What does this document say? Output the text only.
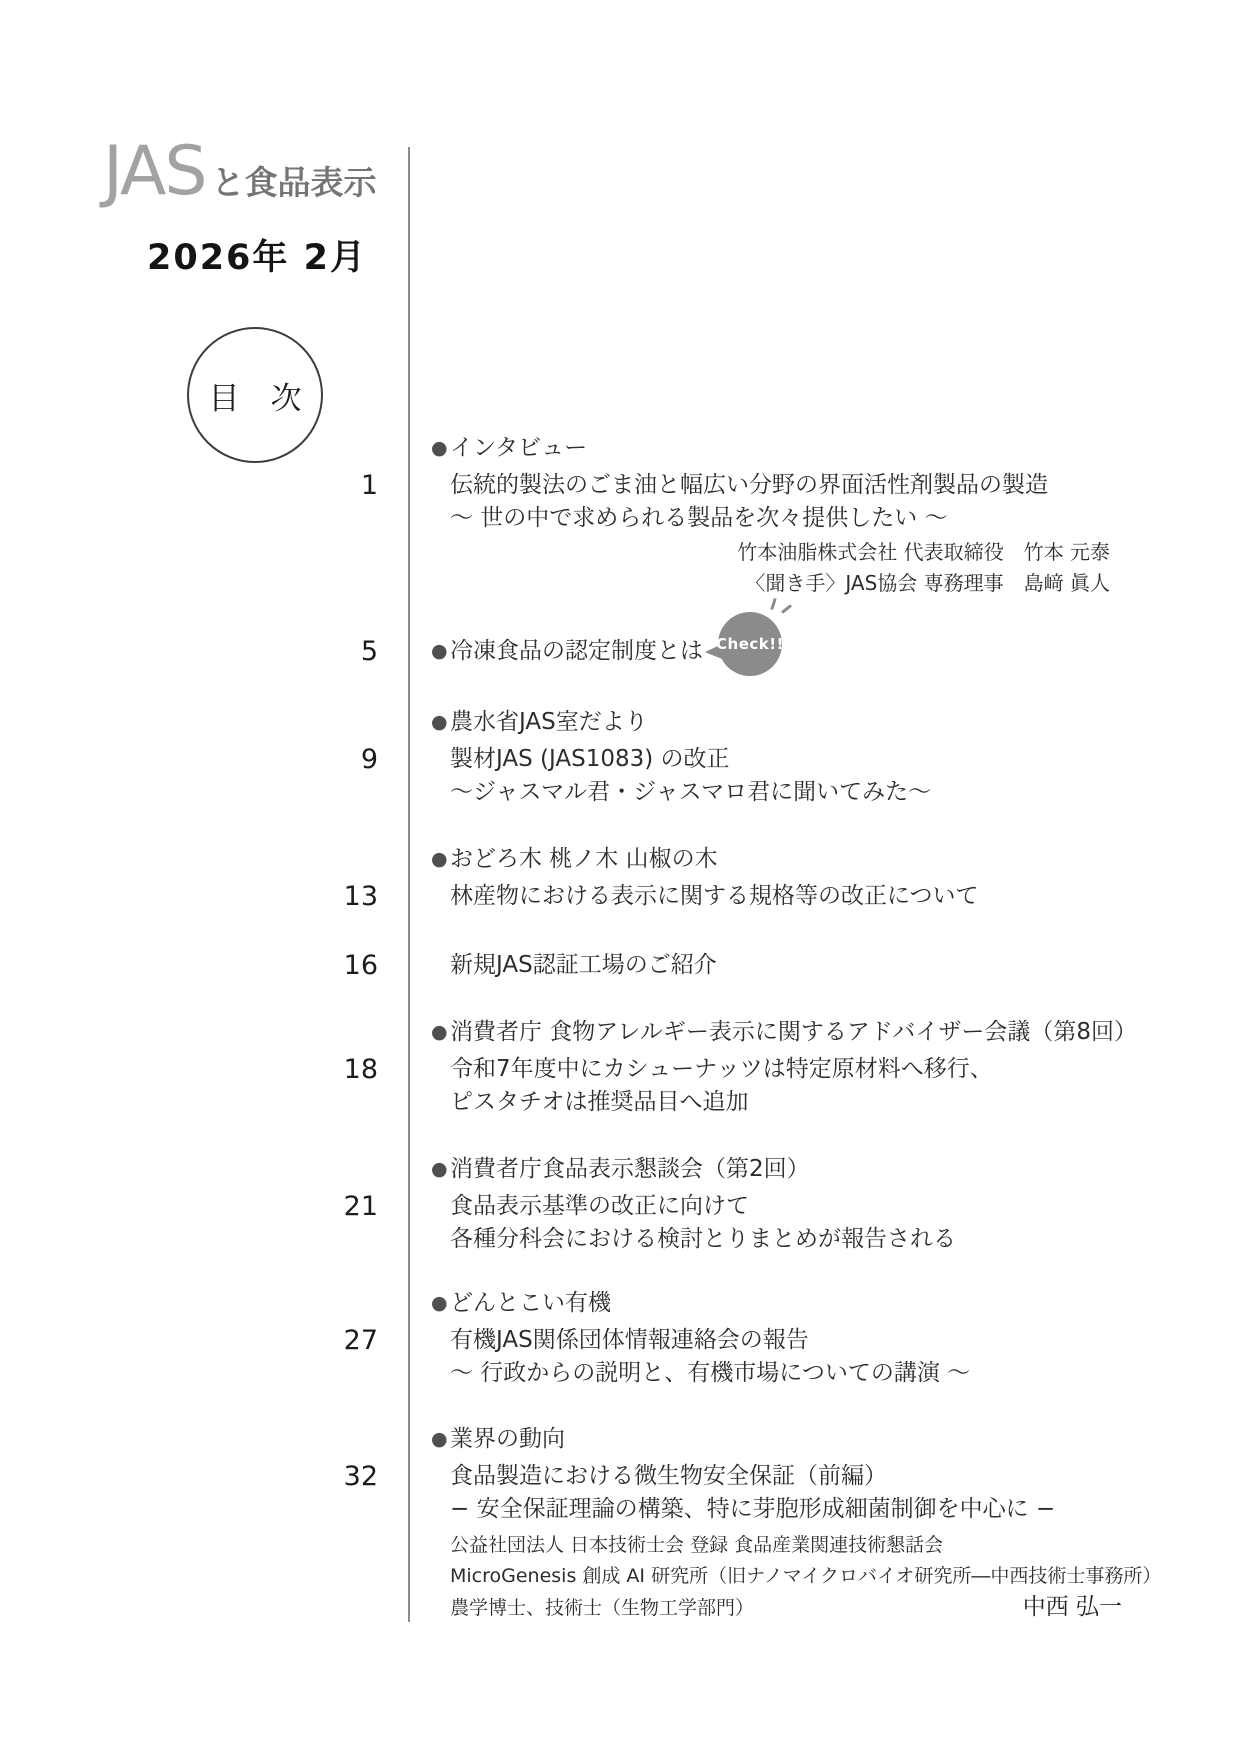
JAS と食品表示
2026年 2月
目　次
●
インタビュー
1	伝統的製法のごま油と幅広い分野の界面活性剤製品の製造
〜 世の中で求められる製品を次々提供したい 〜
竹本油脂株式会社 代表取締役　竹本 元泰
〈聞き手〉JAS協会 専務理事　島﨑 眞人
5 ●	冷凍食品の認定制度とは Check!!
●
農水省JAS室だより
9	製材JAS (JAS1083) の改正
〜ジャスマル君・ジャスマロ君に聞いてみた〜
●
おどろ木 桃ノ木 山椒の木
13	林産物における表示に関する規格等の改正について
16	新規JAS認証工場のご紹介
●
消費者庁 食物アレルギー表示に関するアドバイザー会議（第8回）
18	令和7年度中にカシューナッツは特定原材料へ移行、
ピスタチオは推奨品目へ追加
●
消費者庁食品表示懇談会（第2回）
21	食品表示基準の改正に向けて
各種分科会における検討とりまとめが報告される
●
どんとこい有機
27	有機JAS関係団体情報連絡会の報告
〜 行政からの説明と、有機市場についての講演 〜
●
業界の動向
32	食品製造における微生物安全保証（前編）
− 安全保証理論の構築、特に芽胞形成細菌制御を中心に −
公益社団法人 日本技術士会 登録 食品産業関連技術懇話会
MicroGenesis 創成 AI 研究所（旧ナノマイクロバイオ研究所―中西技術士事務所）
農学博士、技術士（生物工学部門）	中西 弘一
